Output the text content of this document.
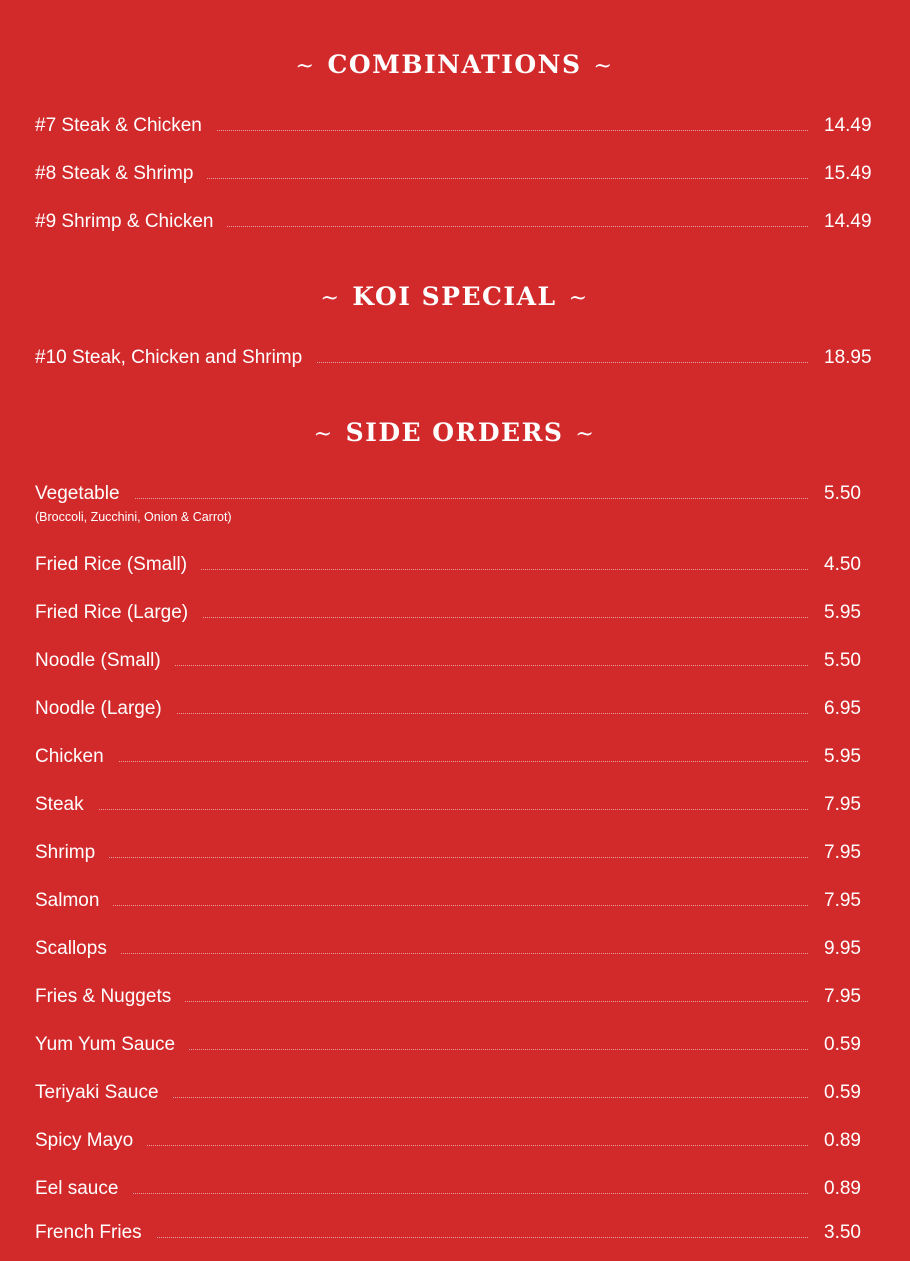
~ COMBINATIONS ~
#7 Steak & Chicken	14.49
#8 Steak & Shrimp	15.49
#9 Shrimp & Chicken	14.49
~ KOI SPECIAL ~
#10 Steak, Chicken and Shrimp	18.95
~ SIDE ORDERS ~
Vegetable	5.50
(Broccoli, Zucchini, Onion & Carrot)
Fried Rice (Small)	4.50
Fried Rice (Large)	5.95
Noodle (Small)	5.50
Noodle (Large)	6.95
Chicken	5.95
Steak	7.95
Shrimp	7.95
Salmon	7.95
Scallops	9.95
Fries & Nuggets	7.95
Yum Yum Sauce	0.59
Teriyaki Sauce	0.59
Spicy Mayo	0.89
Eel sauce	0.89
French Fries	3.50
